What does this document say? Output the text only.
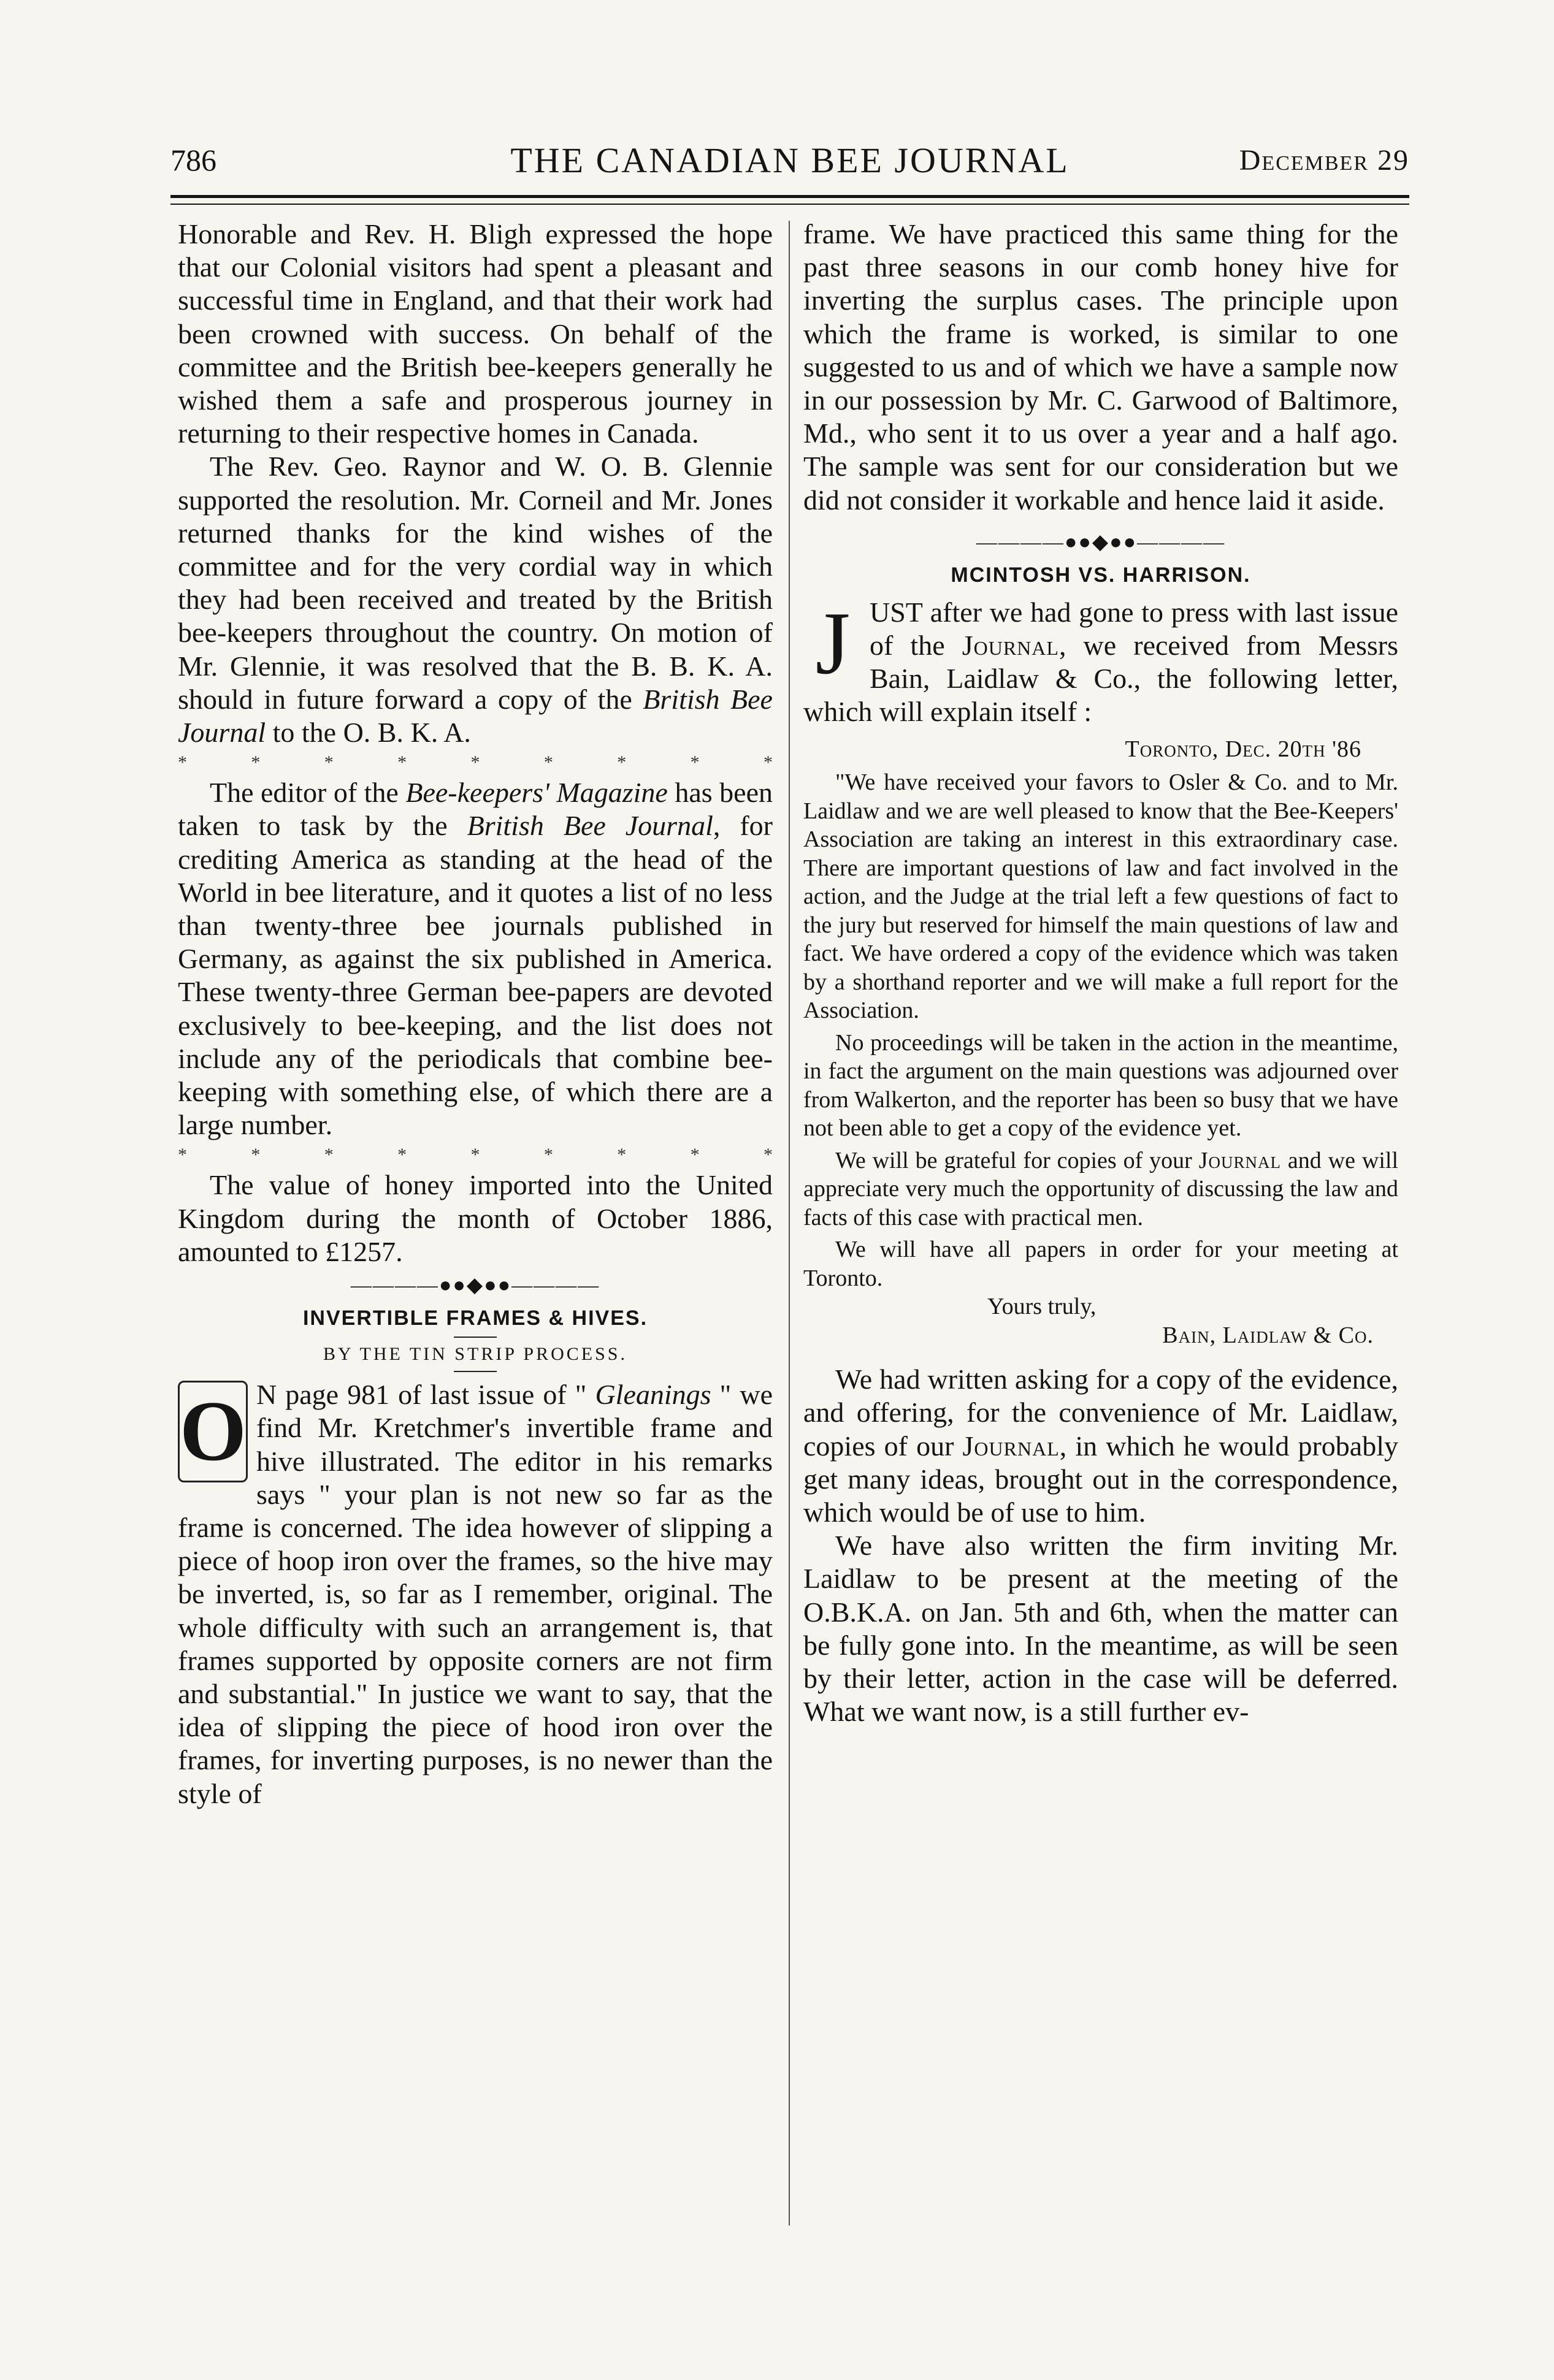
786	THE CANADIAN BEE JOURNAL	December 29

Honorable and Rev. H. Bligh expressed the hope that our Colonial visitors had spent a pleasant and successful time in England, and that their work had been crowned with success. On behalf of the committee and the British bee-keepers generally he wished them a safe and prosperous journey in returning to their respective homes in Canada.

The Rev. Geo. Raynor and W. O. B. Glennie supported the resolution. Mr. Corneil and Mr. Jones returned thanks for the kind wishes of the committee and for the very cordial way in which they had been received and treated by the British bee-keepers throughout the country. On motion of Mr. Glennie, it was resolved that the B. B. K. A. should in future forward a copy of the British Bee Journal to the O. B. K. A.

* * * * * * * * *

The editor of the Bee-keepers' Magazine has been taken to task by the British Bee Journal, for crediting America as standing at the head of the World in bee literature, and it quotes a list of no less than twenty-three bee journals published in Germany, as against the six published in America. These twenty-three German bee-papers are devoted exclusively to bee-keeping, and the list does not include any of the periodicals that combine bee-keeping with something else, of which there are a large number.

* * * * * * * * *

The value of honey imported into the United Kingdom during the month of October 1886, amounted to £1257.

――――●●◆●●――――
INVERTIBLE FRAMES & HIVES.
BY THE TIN STRIP PROCESS.

O N page 981 of last issue of " Gleanings " we find Mr. Kretchmer's invertible frame and hive illustrated. The editor in his remarks says " your plan is not new so far as the frame is concerned. The idea however of slipping a piece of hoop iron over the frames, so the hive may be inverted, is, so far as I remember, original. The whole difficulty with such an arrangement is, that frames supported by opposite corners are not firm and substantial." In justice we want to say, that the idea of slipping the piece of hood iron over the frames, for inverting purposes, is no newer than the style of

frame. We have practiced this same thing for the past three seasons in our comb honey hive for inverting the surplus cases. The principle upon which the frame is worked, is similar to one suggested to us and of which we have a sample now in our possession by Mr. C. Garwood of Baltimore, Md., who sent it to us over a year and a half ago. The sample was sent for our consideration but we did not consider it workable and hence laid it aside.

――――●●◆●●――――
MCINTOSH VS. HARRISON.

JUST after we had gone to press with last issue of the Journal, we received from Messrs Bain, Laidlaw & Co., the following letter, which will explain itself :

Toronto, Dec. 20th '86

"We have received your favors to Osler & Co. and to Mr. Laidlaw and we are well pleased to know that the Bee-Keepers' Association are taking an interest in this extraordinary case. There are important questions of law and fact involved in the action, and the Judge at the trial left a few questions of fact to the jury but reserved for himself the main questions of law and fact. We have ordered a copy of the evidence which was taken by a shorthand reporter and we will make a full report for the Association.

No proceedings will be taken in the action in the meantime, in fact the argument on the main questions was adjourned over from Walkerton, and the reporter has been so busy that we have not been able to get a copy of the evidence yet.

We will be grateful for copies of your Journal and we will appreciate very much the opportunity of discussing the law and facts of this case with practical men.

We will have all papers in order for your meeting at Toronto.

Yours truly,

Bain, Laidlaw & Co.

We had written asking for a copy of the evidence, and offering, for the convenience of Mr. Laidlaw, copies of our Journal, in which he would probably get many ideas, brought out in the correspondence, which would be of use to him.

We have also written the firm inviting Mr. Laidlaw to be present at the meeting of the O.B.K.A. on Jan. 5th and 6th, when the matter can be fully gone into. In the meantime, as will be seen by their letter, action in the case will be deferred. What we want now, is a still further ev-
